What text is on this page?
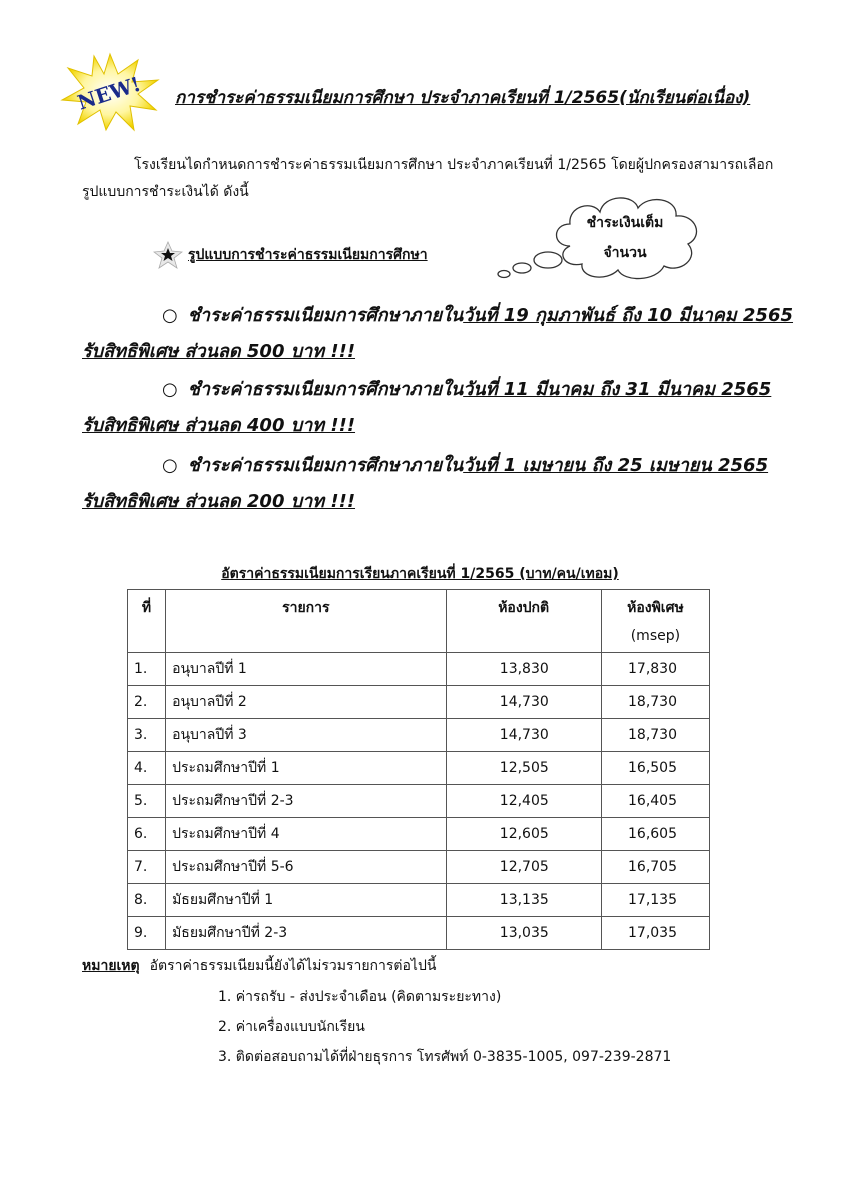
NEW! การชำระค่าธรรมเนียมการศึกษา ประจำภาคเรียนที่ 1/2565(นักเรียนต่อเนื่อง)
โรงเรียนไดกำหนดการชำระค่าธรรมเนียมการศึกษา ประจำภาคเรียนที่ 1/2565 โดยผู้ปกครองสามารถเลือก
รูปแบบการชำระเงินได้ ดังนี้
ชำระเงินเต็ม
จำนวน
รูปแบบการชำระค่าธรรมเนียมการศึกษา
○ ชำระค่าธรรมเนียมการศึกษาภายในวันที่ 19 กุมภาพันธ์ ถึง 10 มีนาคม 2565
รับสิทธิพิเศษ ส่วนลด 500 บาท !!!
○ ชำระค่าธรรมเนียมการศึกษาภายในวันที่ 11 มีนาคม ถึง 31 มีนาคม 2565
รับสิทธิพิเศษ ส่วนลด 400 บาท !!!
○ ชำระค่าธรรมเนียมการศึกษาภายในวันที่ 1 เมษายน ถึง 25 เมษายน 2565
รับสิทธิพิเศษ ส่วนลด 200 บาท !!!
อัตราค่าธรรมเนียมการเรียนภาคเรียนที่ 1/2565 (บาท/คน/เทอม)
ที่	รายการ	ห้องปกติ	ห้องพิเศษ
(msep)

1.	อนุบาลปีที่ 1	13,830	17,830
2.	อนุบาลปีที่ 2	14,730	18,730
3.	อนุบาลปีที่ 3	14,730	18,730
4.	ประถมศึกษาปีที่ 1	12,505	16,505
5.	ประถมศึกษาปีที่ 2-3	12,405	16,405
6.	ประถมศึกษาปีที่ 4	12,605	16,605
7.	ประถมศึกษาปีที่ 5-6	12,705	16,705
8.	มัธยมศึกษาปีที่ 1	13,135	17,135
9.	มัธยมศึกษาปีที่ 2-3	13,035	17,035
หมายเหตุ อัตราค่าธรรมเนียมนี้ยังได้ไม่รวมรายการต่อไปนี้
1. ค่ารถรับ - ส่งประจำเดือน (คิดตามระยะทาง)
2. ค่าเครื่องแบบนักเรียน
3. ติดต่อสอบถามได้ที่ฝ่ายธุรการ โทรศัพท์ 0-3835-1005, 097-239-2871
